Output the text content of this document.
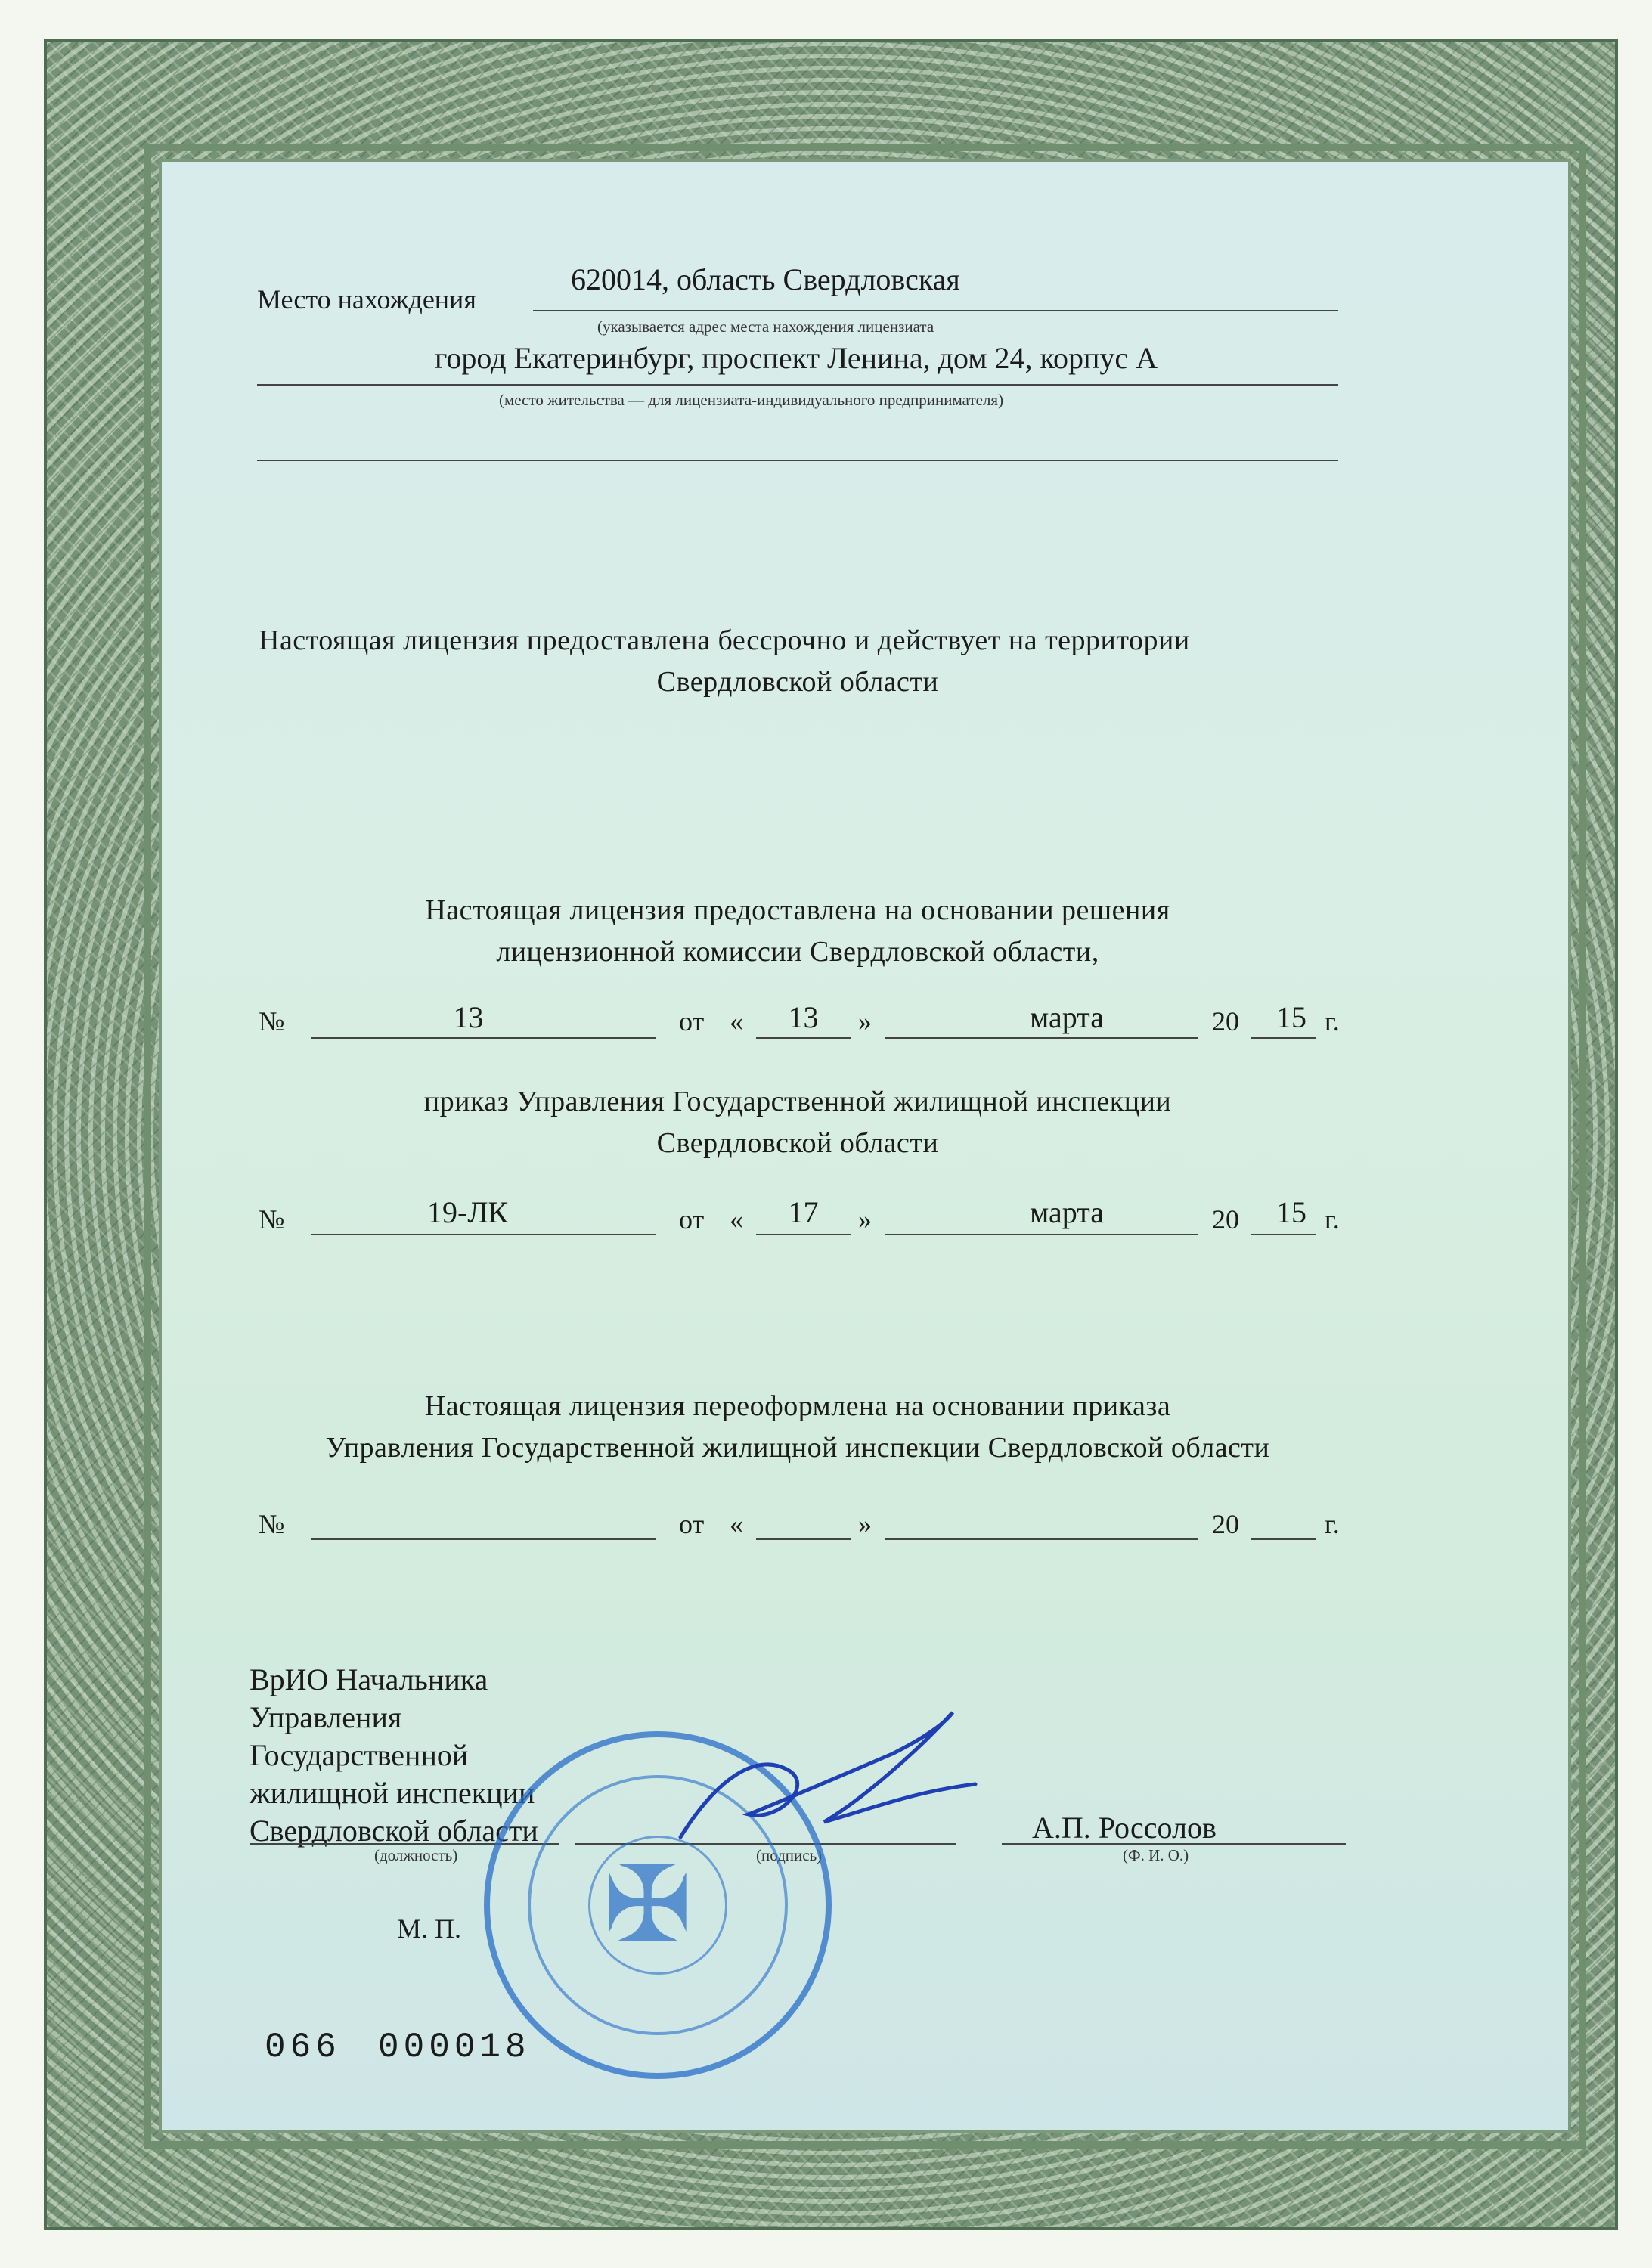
Место нахождения
620014, область Свердловская
(указывается адрес места нахождения лицензиата
город Екатеринбург, проспект Ленина, дом 24, корпус А
(место жительства — для лицензиата-индивидуального предпринимателя)
Настоящая лицензия предоставлена бессрочно и действует на территории
Свердловской области
Настоящая лицензия предоставлена на основании решения
лицензионной комиссии Свердловской области,
№	13	от «	13	»	марта	20 15 г.
приказ Управления Государственной жилищной инспекции
Свердловской области
№	19-ЛК	от «	17	»	марта	20 15 г.
Настоящая лицензия переоформлена на основании приказа
Управления Государственной жилищной инспекции Свердловской области
№	от «	»	20	г.
ВрИО Начальника
Управления
Государственной
жилищной инспекции
Свердловской области
(должность)	(подпись)
А.П. Россолов
(Ф. И. О.)
М. П.
066 000018
✠
